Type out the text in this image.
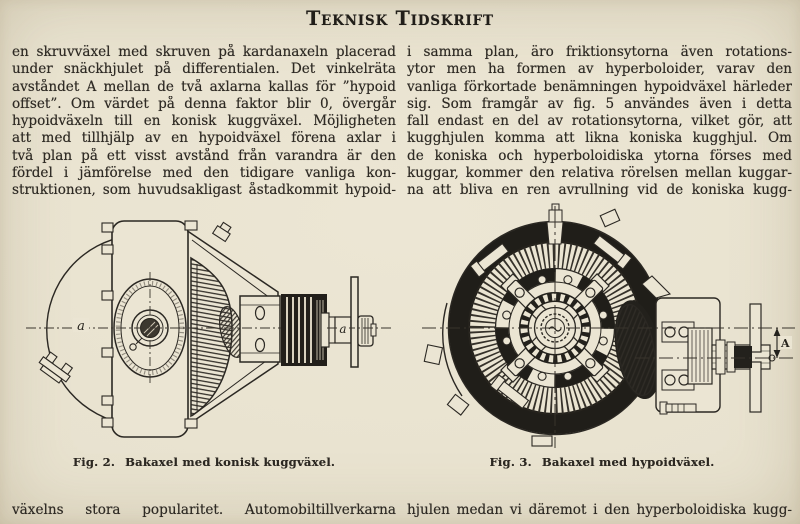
Teknisk Tidskrift
en skruvväxel med skruven på kardanaxeln placerad
under snäckhjulet på differentialen. Det vinkelräta
avståndet A mellan de två axlarna kallas för ”hypoid
offset”. Om värdet på denna faktor blir 0, övergår
hypoidväxeln till en konisk kuggväxel. Möjligheten
att med tillhjälp av en hypoidväxel förena axlar i
två plan på ett visst avstånd från varandra är den
fördel i jämförelse med den tidigare vanliga kon-
struktionen, som huvudsakligast åstadkommit hypoid-
i samma plan, äro friktionsytorna även rotations-
ytor men ha formen av hyperboloider, varav den
vanliga förkortade benämningen hypoidväxel härleder
sig. Som framgår av fig. 5 användes även i detta
fall endast en del av rotationsytorna, vilket gör, att
kugghjulen komma att likna koniska kugghjul. Om
de koniska och hyperboloidiska ytorna förses med
kuggar, kommer den relativa rörelsen mellan kuggar-
na att bliva en ren avrullning vid de koniska kugg-
a	a
A
Fig. 2. Bakaxel med konisk kuggväxel.	Fig. 3. Bakaxel med hypoidväxel.
växelns stora popularitet. Automobiltillverkarna hjulen medan vi däremot i den hyperboloidiska kugg-
